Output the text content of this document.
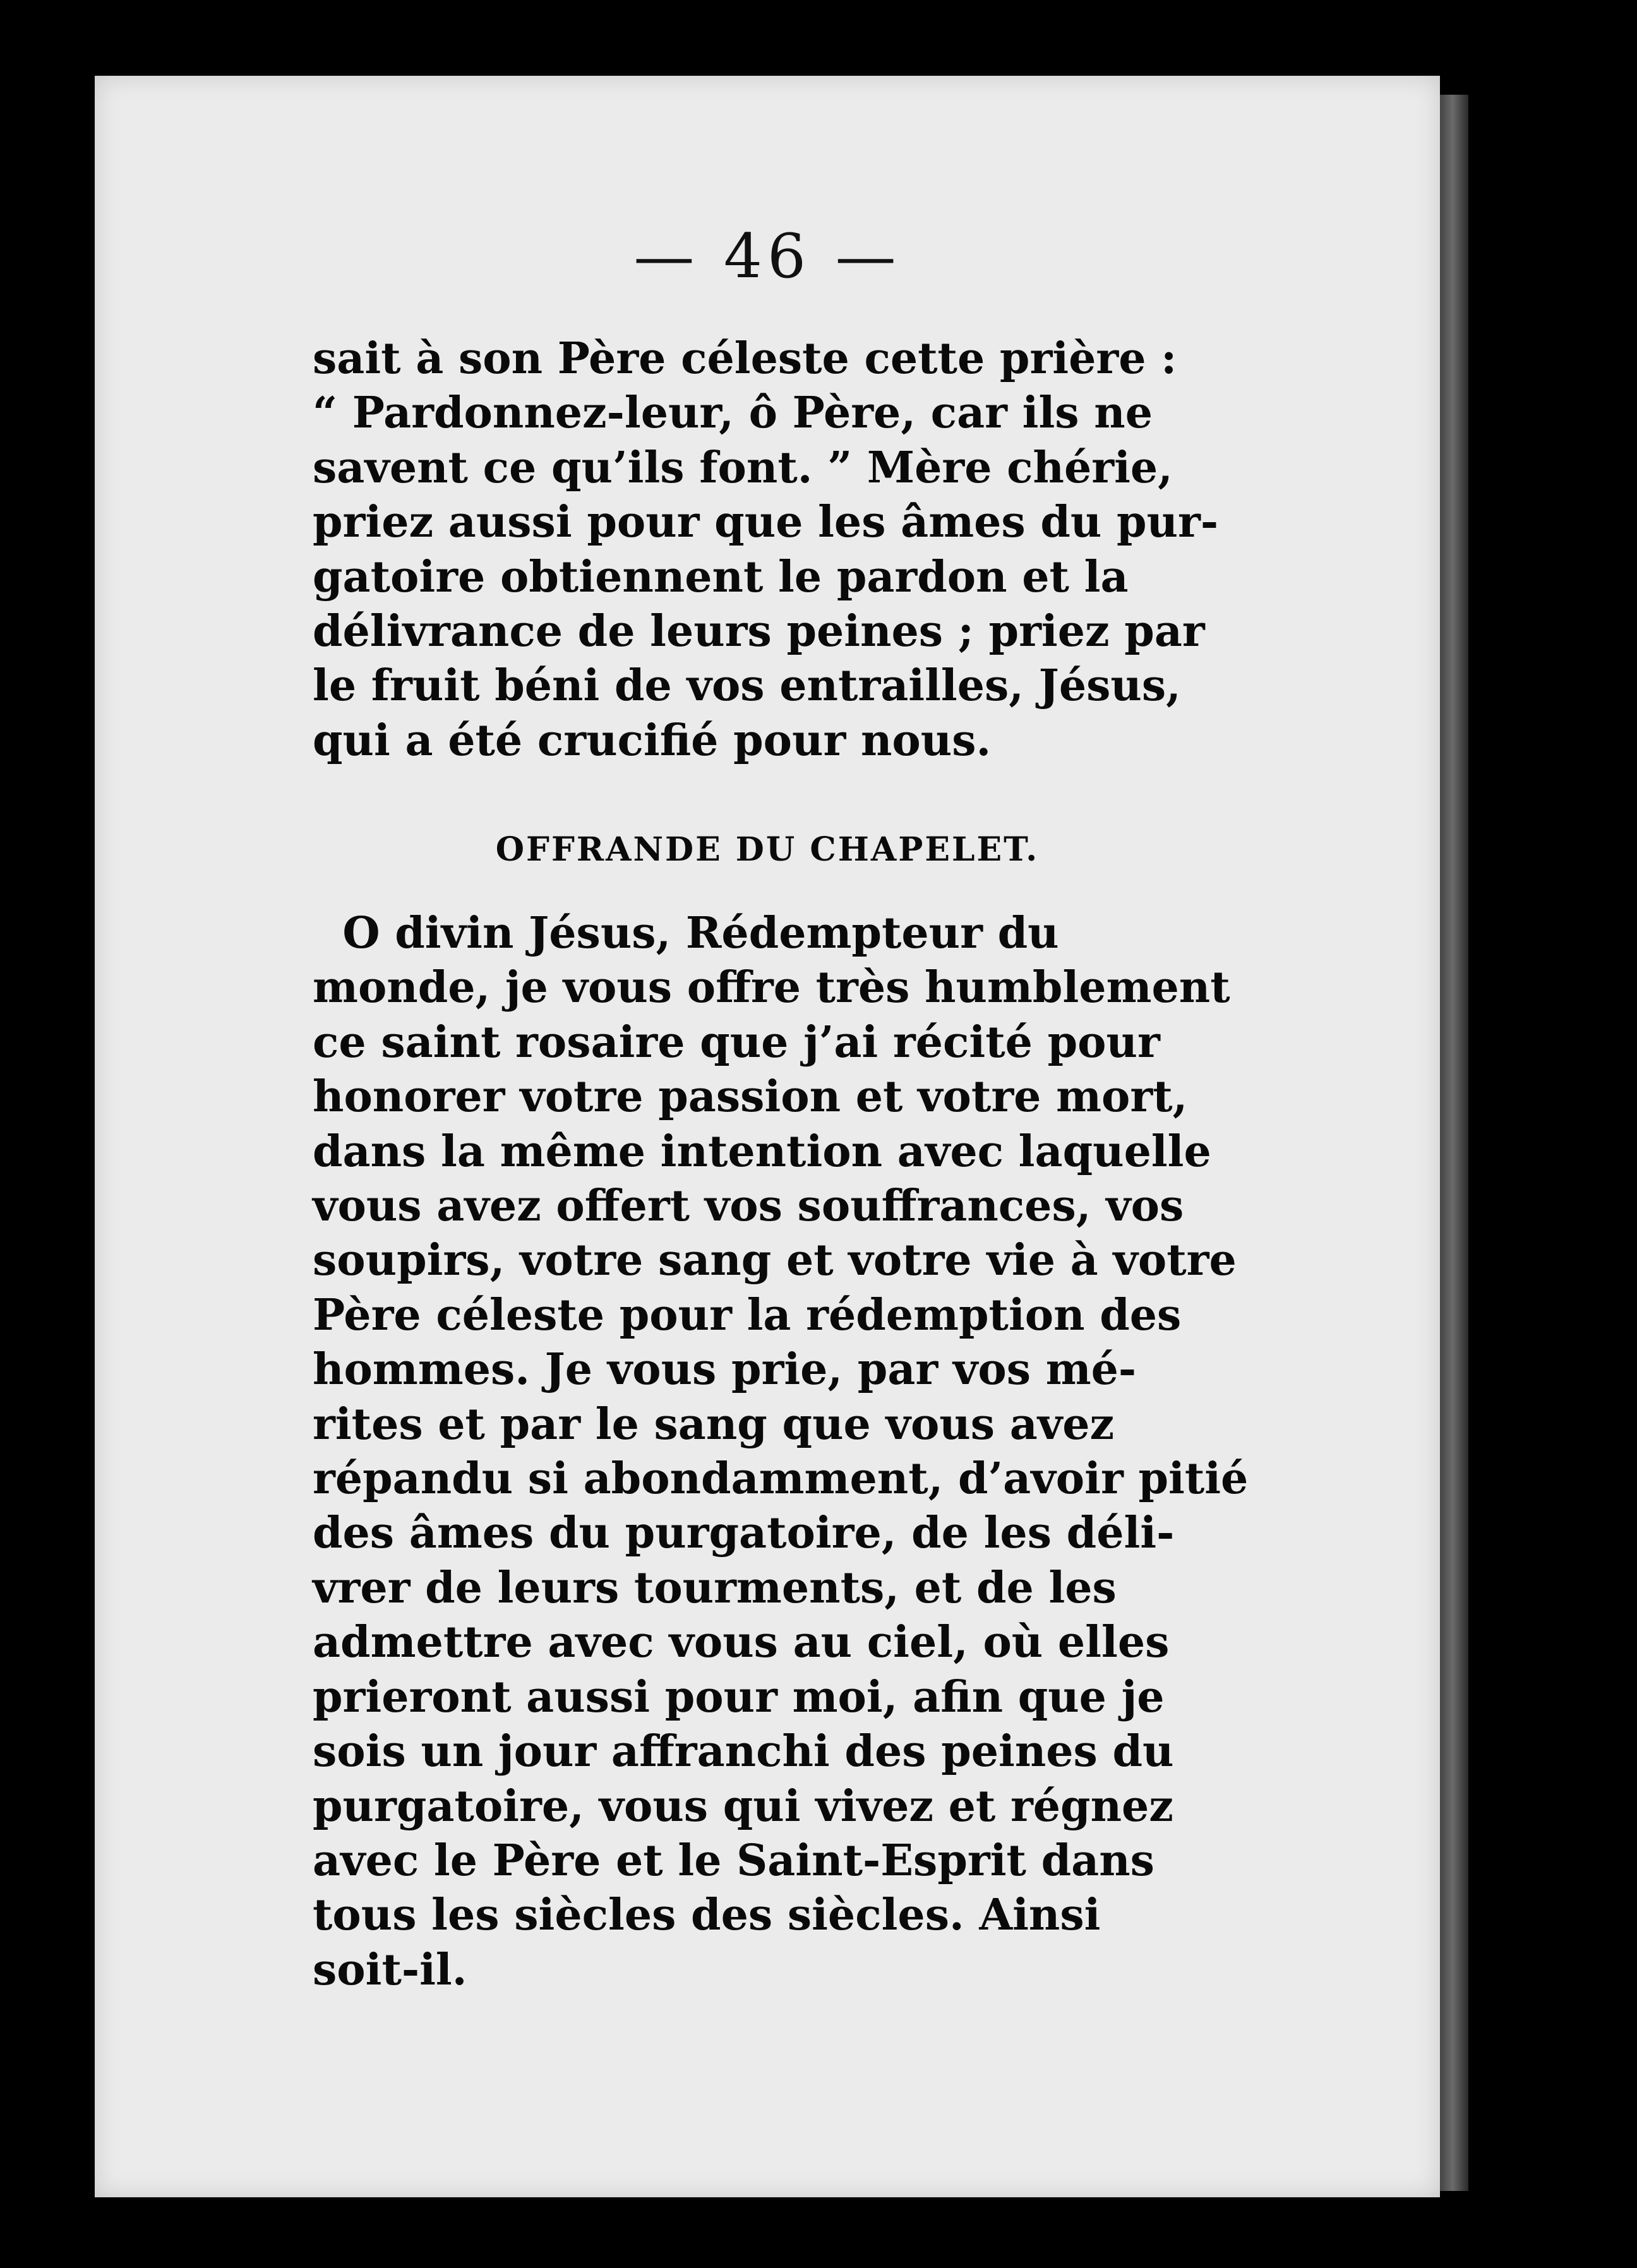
— 46 —

sait à son Père céleste cette prière :
“ Pardonnez-leur, ô Père, car ils ne
savent ce qu’ils font. ” Mère chérie,
priez aussi pour que les âmes du pur-
gatoire obtiennent le pardon et la
délivrance de leurs peines ; priez par
le fruit béni de vos entrailles, Jésus,
qui a été crucifié pour nous.

OFFRANDE DU CHAPELET.

O divin Jésus, Rédempteur du
monde, je vous offre très humblement
ce saint rosaire que j’ai récité pour
honorer votre passion et votre mort,
dans la même intention avec laquelle
vous avez offert vos souffrances, vos
soupirs, votre sang et votre vie à votre
Père céleste pour la rédemption des
hommes. Je vous prie, par vos mé-
rites et par le sang que vous avez
répandu si abondamment, d’avoir pitié
des âmes du purgatoire, de les déli-
vrer de leurs tourments, et de les
admettre avec vous au ciel, où elles
prieront aussi pour moi, afin que je
sois un jour affranchi des peines du
purgatoire, vous qui vivez et régnez
avec le Père et le Saint-Esprit dans
tous les siècles des siècles. Ainsi
soit-il.
